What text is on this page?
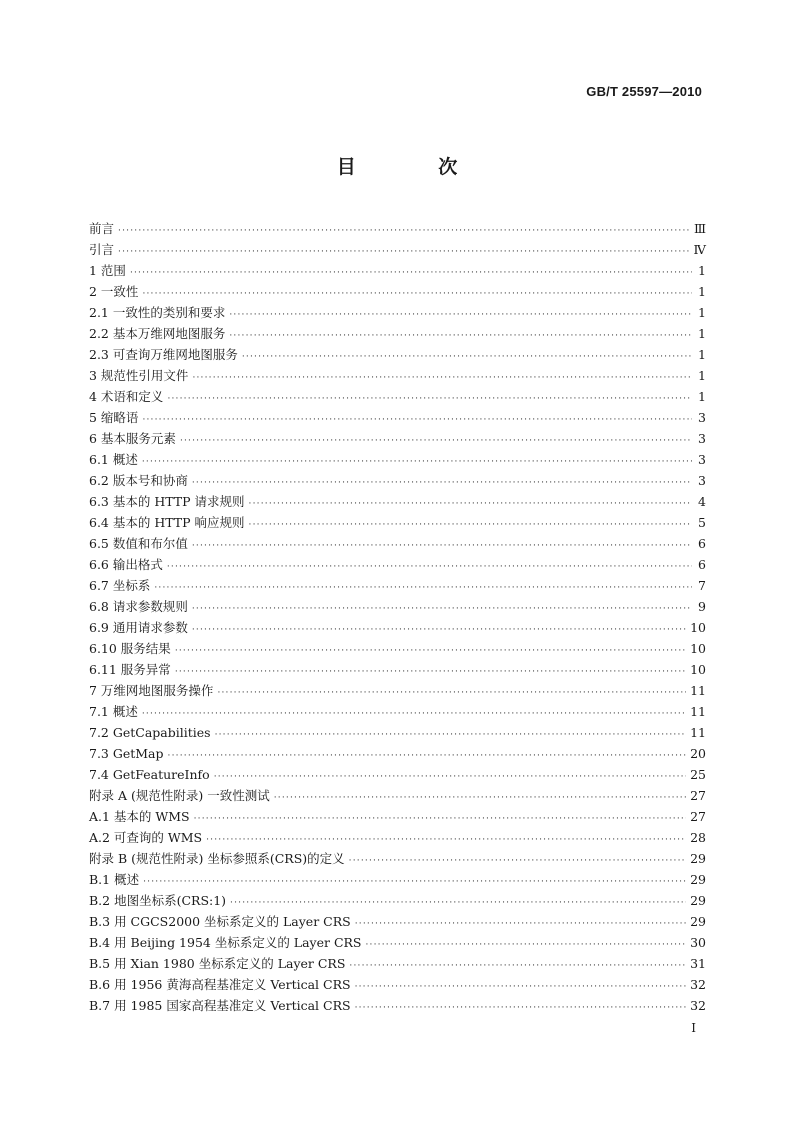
GB/T 25597—2010
目 次
前言 ·····	Ⅲ
引言 ·····	Ⅳ
1 范围 ·····	1
2 一致性 ·····	1
2.1 一致性的类别和要求 ·····	1
2.2 基本万维网地图服务 ·····	1
2.3 可查询万维网地图服务 ·····	1
3 规范性引用文件 ·····	1
4 术语和定义 ·····	1
5 缩略语 ·····	3
6 基本服务元素 ·····	3
6.1 概述 ·····	3
6.2 版本号和协商 ·····	3
6.3 基本的 HTTP 请求规则 ·····	4
6.4 基本的 HTTP 响应规则 ·····	5
6.5 数值和布尔值 ·····	6
6.6 输出格式 ·····	6
6.7 坐标系 ·····	7
6.8 请求参数规则 ·····	9
6.9 通用请求参数 ·····	10
6.10 服务结果 ·····	10
6.11 服务异常 ·····	10
7 万维网地图服务操作 ·····	11
7.1 概述 ·····	11
7.2 GetCapabilities ·····	11
7.3 GetMap ·····	20
7.4 GetFeatureInfo ·····	25
附录 A (规范性附录) 一致性测试 ·····	27
A.1 基本的 WMS ·····	27
A.2 可查询的 WMS ·····	28
附录 B (规范性附录) 坐标参照系(CRS)的定义 ·····	29
B.1 概述 ·····	29
B.2 地图坐标系(CRS:1) ·····	29
B.3 用 CGCS2000 坐标系定义的 Layer CRS ·····	29
B.4 用 Beijing 1954 坐标系定义的 Layer CRS ·····	30
B.5 用 Xian 1980 坐标系定义的 Layer CRS ·····	31
B.6 用 1956 黄海高程基准定义 Vertical CRS ·····	32
B.7 用 1985 国家高程基准定义 Vertical CRS ·····	32
I
